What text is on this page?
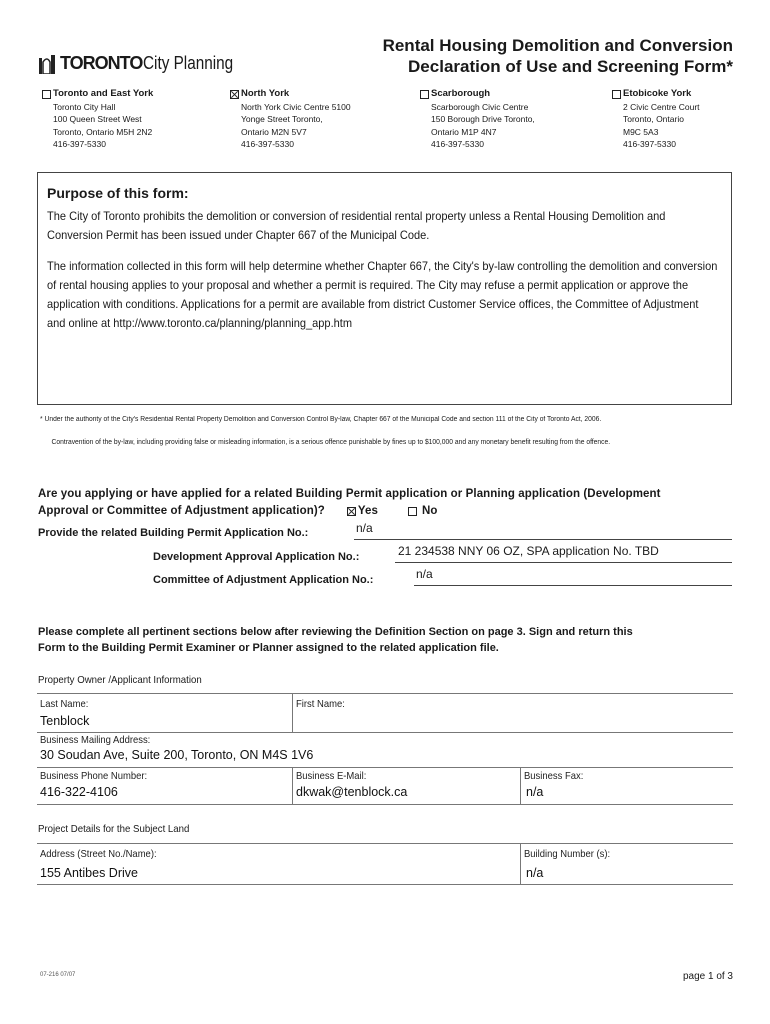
TORONTO City Planning
Rental Housing Demolition and Conversion
Declaration of Use and Screening Form*
Toronto and East York
Toronto City Hall
100 Queen Street West
Toronto, Ontario M5H 2N2
416-397-5330
North York
North York Civic Centre 5100
Yonge Street Toronto,
Ontario M2N 5V7
416-397-5330
Scarborough
Scarborough Civic Centre
150 Borough Drive Toronto,
Ontario M1P 4N7
416-397-5330
Etobicoke York
2 Civic Centre Court
Toronto, Ontario
M9C 5A3
416-397-5330
Purpose of this form:

The City of Toronto prohibits the demolition or conversion of residential rental property unless a Rental Housing Demolition and Conversion Permit has been issued under Chapter 667 of the Municipal Code.

The information collected in this form will help determine whether Chapter 667, the City's by-law controlling the demolition and conversion of rental housing applies to your proposal and whether a permit is required. The City may refuse a permit application or approve the application with conditions. Applications for a permit are available from district Customer Service offices, the Committee of Adjustment and online at http://www.toronto.ca/planning/planning_app.htm

* Under the authority of the City's Residential Rental Property Demolition and Conversion Control By-law, Chapter 667 of the Municipal Code and section 111 of the City of Toronto Act, 2006.
Contravention of the by-law, including providing false or misleading information, is a serious offence punishable by fines up to $100,000 and any monetary benefit resulting from the offence.
Are you applying or have applied for a related Building Permit application or Planning application (Development
Approval or Committee of Adjustment application)?	Yes	No
Provide the related Building Permit Application No.:	n/a
Development Approval Application No.:	21 234538 NNY 06 OZ, SPA application No. TBD
Committee of Adjustment Application No.:	n/a
Please complete all pertinent sections below after reviewing the Definition Section on page 3. Sign and return this
Form to the Building Permit Examiner or Planner assigned to the related application file.
Property Owner /Applicant Information
Last Name:
Tenblock
First Name:
Business Mailing Address:
30 Soudan Ave, Suite 200, Toronto, ON M4S 1V6
Business Phone Number:
416-322-4106
Business E-Mail:
dkwak@tenblock.ca
Business Fax:
n/a
Project Details for the Subject Land
Address (Street No./Name):
155 Antibes Drive
Building Number (s):
n/a
07-216 07/07	page 1 of 3
